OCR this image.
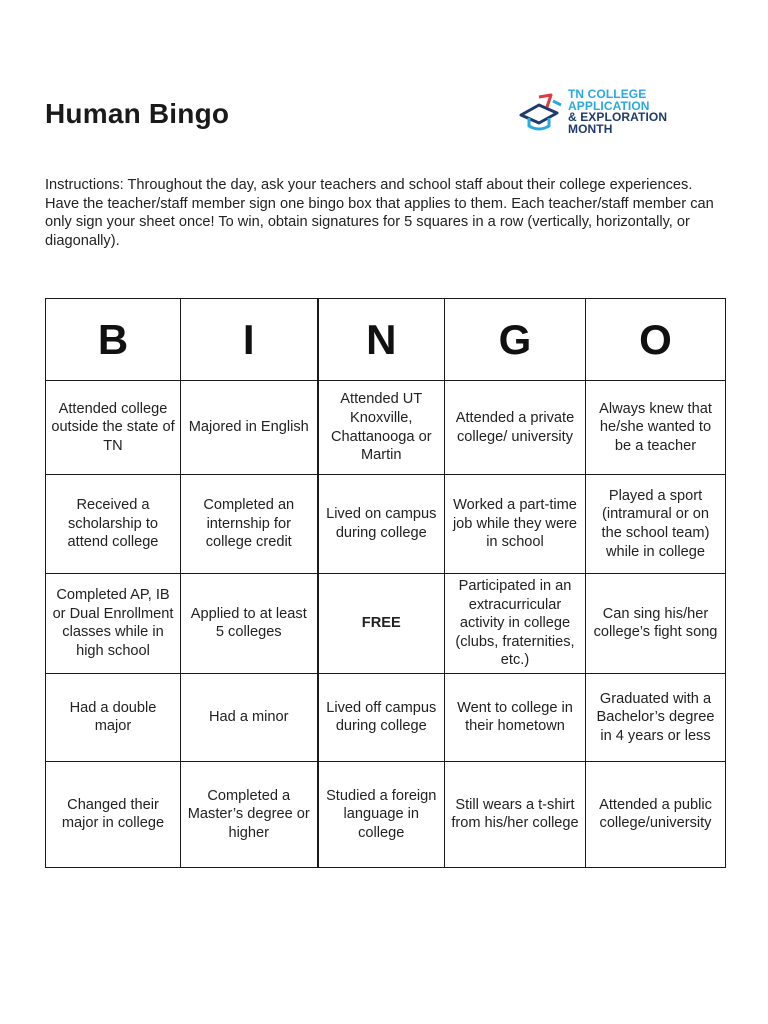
Human Bingo
TN COLLEGE
APPLICATION
& EXPLORATION
MONTH

Instructions: Throughout the day, ask your teachers and school staff about their college experiences. Have the teacher/staff member sign one bingo box that applies to them. Each teacher/staff member can only sign your sheet once! To win, obtain signatures for 5 squares in a row (vertically, horizontally, or diagonally).

B	I	N	G	O
Attended college outside the state of TN	Majored in English	Attended UT Knoxville, Chattanooga or Martin	Attended a private college/ university	Always knew that he/she wanted to be a teacher
Received a scholarship to attend college	Completed an internship for college credit	Lived on campus during college	Worked a part-time job while they were in school	Played a sport (intramural or on the school team) while in college
Completed AP, IB or Dual Enrollment classes while in high school	Applied to at least 5 colleges	FREE	Participated in an extracurricular activity in college (clubs, fraternities, etc.)	Can sing his/her college’s fight song
Had a double major	Had a minor	Lived off campus during college	Went to college in their hometown	Graduated with a Bachelor’s degree in 4 years or less
Changed their major in college	Completed a Master’s degree or higher	Studied a foreign language in college	Still wears a t-shirt from his/her college	Attended a public college/university
